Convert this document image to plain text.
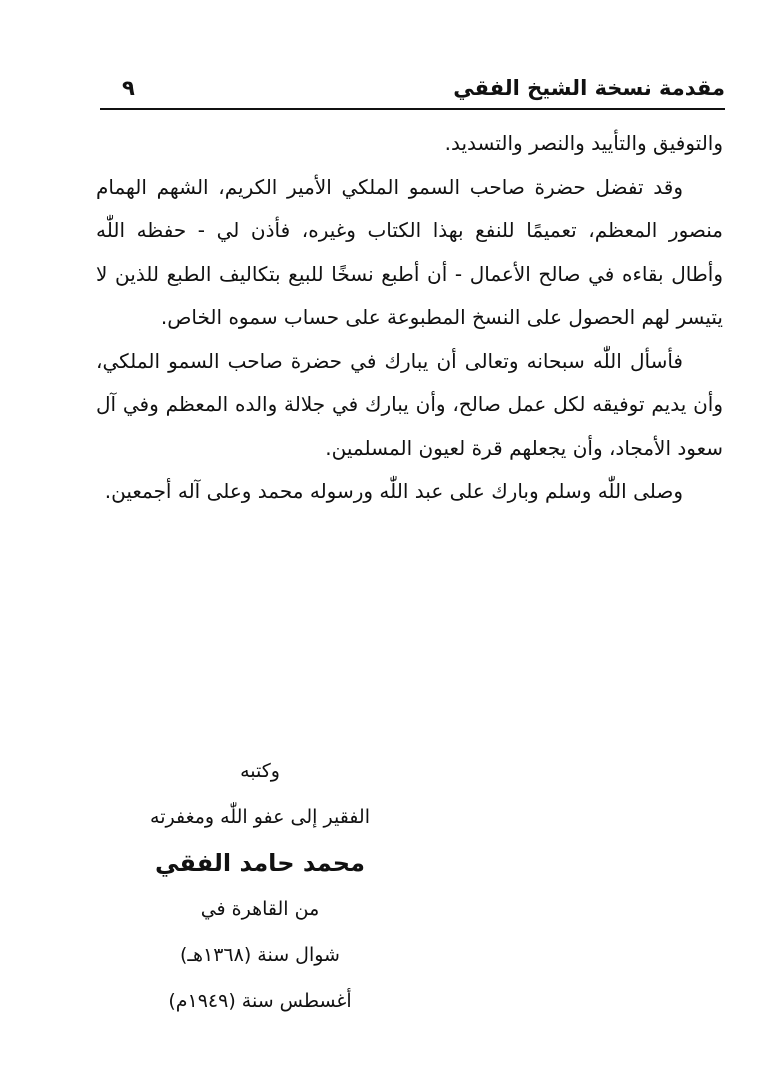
مقدمة نسخة الشيخ الفقي
٩

والتوفيق والتأييد والنصر والتسديد.

وقد تفضل حضرة صاحب السمو الملكي الأمير الكريم، الشهم الهمام منصور المعظم، تعميمًا للنفع بهذا الكتاب وغيره، فأذن لي - حفظه اللّٰه وأطال بقاءه في صالح الأعمال - أن أطبع نسخًا للبيع بتكاليف الطبع للذين لا يتيسر لهم الحصول على النسخ المطبوعة على حساب سموه الخاص.

فأسأل اللّٰه سبحانه وتعالى أن يبارك في حضرة صاحب السمو الملكي، وأن يديم توفيقه لكل عمل صالح، وأن يبارك في جلالة والده المعظم وفي آل سعود الأمجاد، وأن يجعلهم قرة لعيون المسلمين.

وصلى اللّٰه وسلم وبارك على عبد اللّٰه ورسوله محمد وعلى آله أجمعين.

وكتبه
الفقير إلى عفو اللّٰه ومغفرته
محمد حامد الفقي
من القاهرة في
شوال سنة (١٣٦٨هـ)
أغسطس سنة (١٩٤٩م)
